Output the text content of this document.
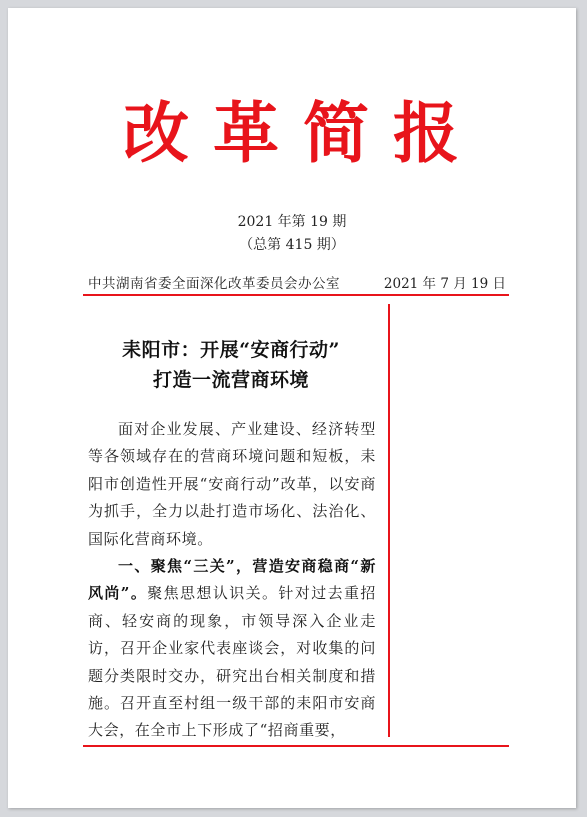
改革简报
2021 年第 19 期
（总第 415 期）
中共湖南省委全面深化改革委员会办公室	2021 年 7 月 19 日
耒阳市：开展“安商行动”
打造一流营商环境

面对企业发展、产业建设、经济转型等各领域存在的营商环境问题和短板，耒阳市创造性开展“安商行动”改革，以安商为抓手，全力以赴打造市场化、法治化、国际化营商环境。

一、聚焦“三关”，营造安商稳商“新风尚”。聚焦思想认识关。针对过去重招商、轻安商的现象，市领导深入企业走访，召开企业家代表座谈会，对收集的问题分类限时交办，研究出台相关制度和措施。召开直至村组一级干部的耒阳市安商大会，在全市上下形成了“招商重要，
